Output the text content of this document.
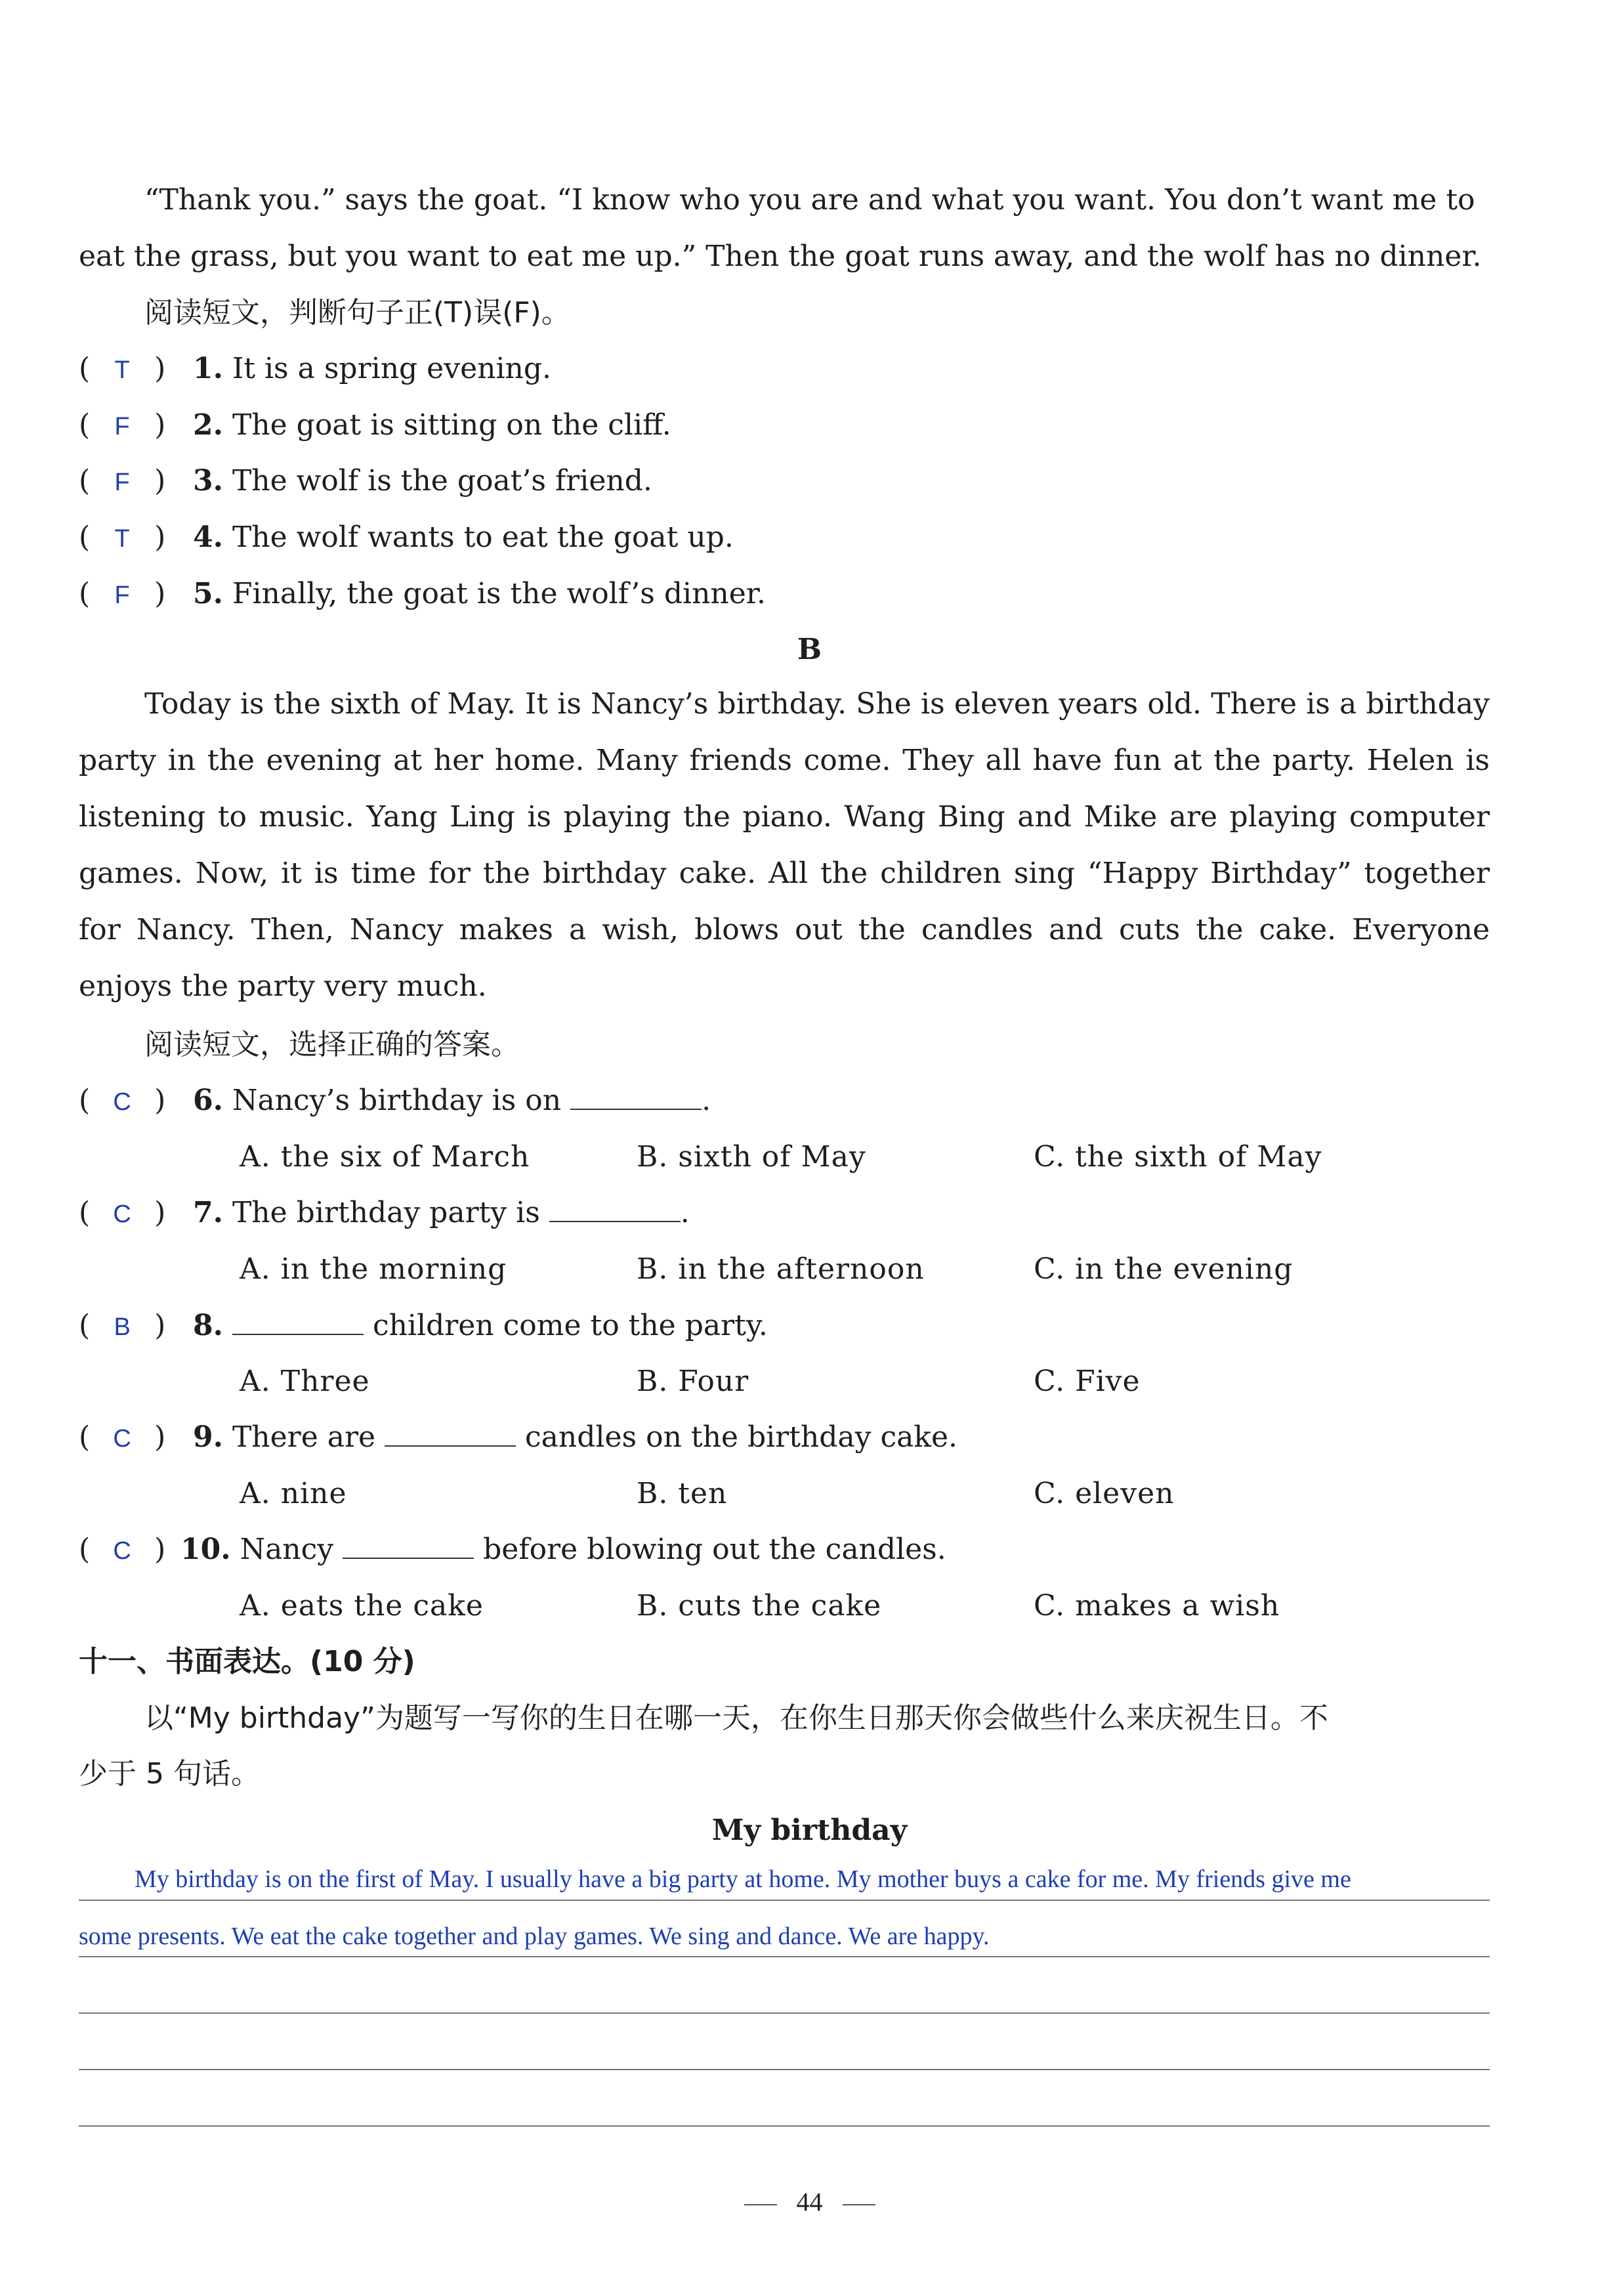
“Thank you.” says the goat. “I know who you are and what you want. You don’t want me to
eat the grass, but you want to eat me up.” Then the goat runs away, and the wolf has no dinner.
阅读短文，判断句子正(T)误(F)。
( T ) 1. It is a spring evening.
( F ) 2. The goat is sitting on the cliff.
( F ) 3. The wolf is the goat’s friend.
( T ) 4. The wolf wants to eat the goat up.
( F ) 5. Finally, the goat is the wolf’s dinner.
B
Today is the sixth of May. It is Nancy’s birthday. She is eleven years old. There is a birthday party in the evening at her home. Many friends come. They all have fun at the party. Helen is listening to music. Yang Ling is playing the piano. Wang Bing and Mike are playing computer games. Now, it is time for the birthday cake. All the children sing “Happy Birthday” together for Nancy. Then, Nancy makes a wish, blows out the candles and cuts the cake. Everyone enjoys the party very much.
阅读短文，选择正确的答案。
( C ) 6. Nancy’s birthday is on	.
A. the six of March	B. sixth of May	C. the sixth of May
( C ) 7. The birthday party is	.
A. in the morning	B. in the afternoon	C. in the evening
( B ) 8.	children come to the party.
A. Three	B. Four	C. Five
( C ) 9. There are	candles on the birthday cake.
A. nine	B. ten	C. eleven
( C ) 10. Nancy	before blowing out the candles.
A. eats the cake	B. cuts the cake	C. makes a wish
十一、书面表达。(10 分)
以“My birthday”为题写一写你的生日在哪一天，在你生日那天你会做些什么来庆祝生日。不
少于 5 句话。
My birthday
My birthday is on the first of May. I usually have a big party at home. My mother buys a cake for me. My friends give me
some presents. We eat the cake together and play games. We sing and dance. We are happy.
44
